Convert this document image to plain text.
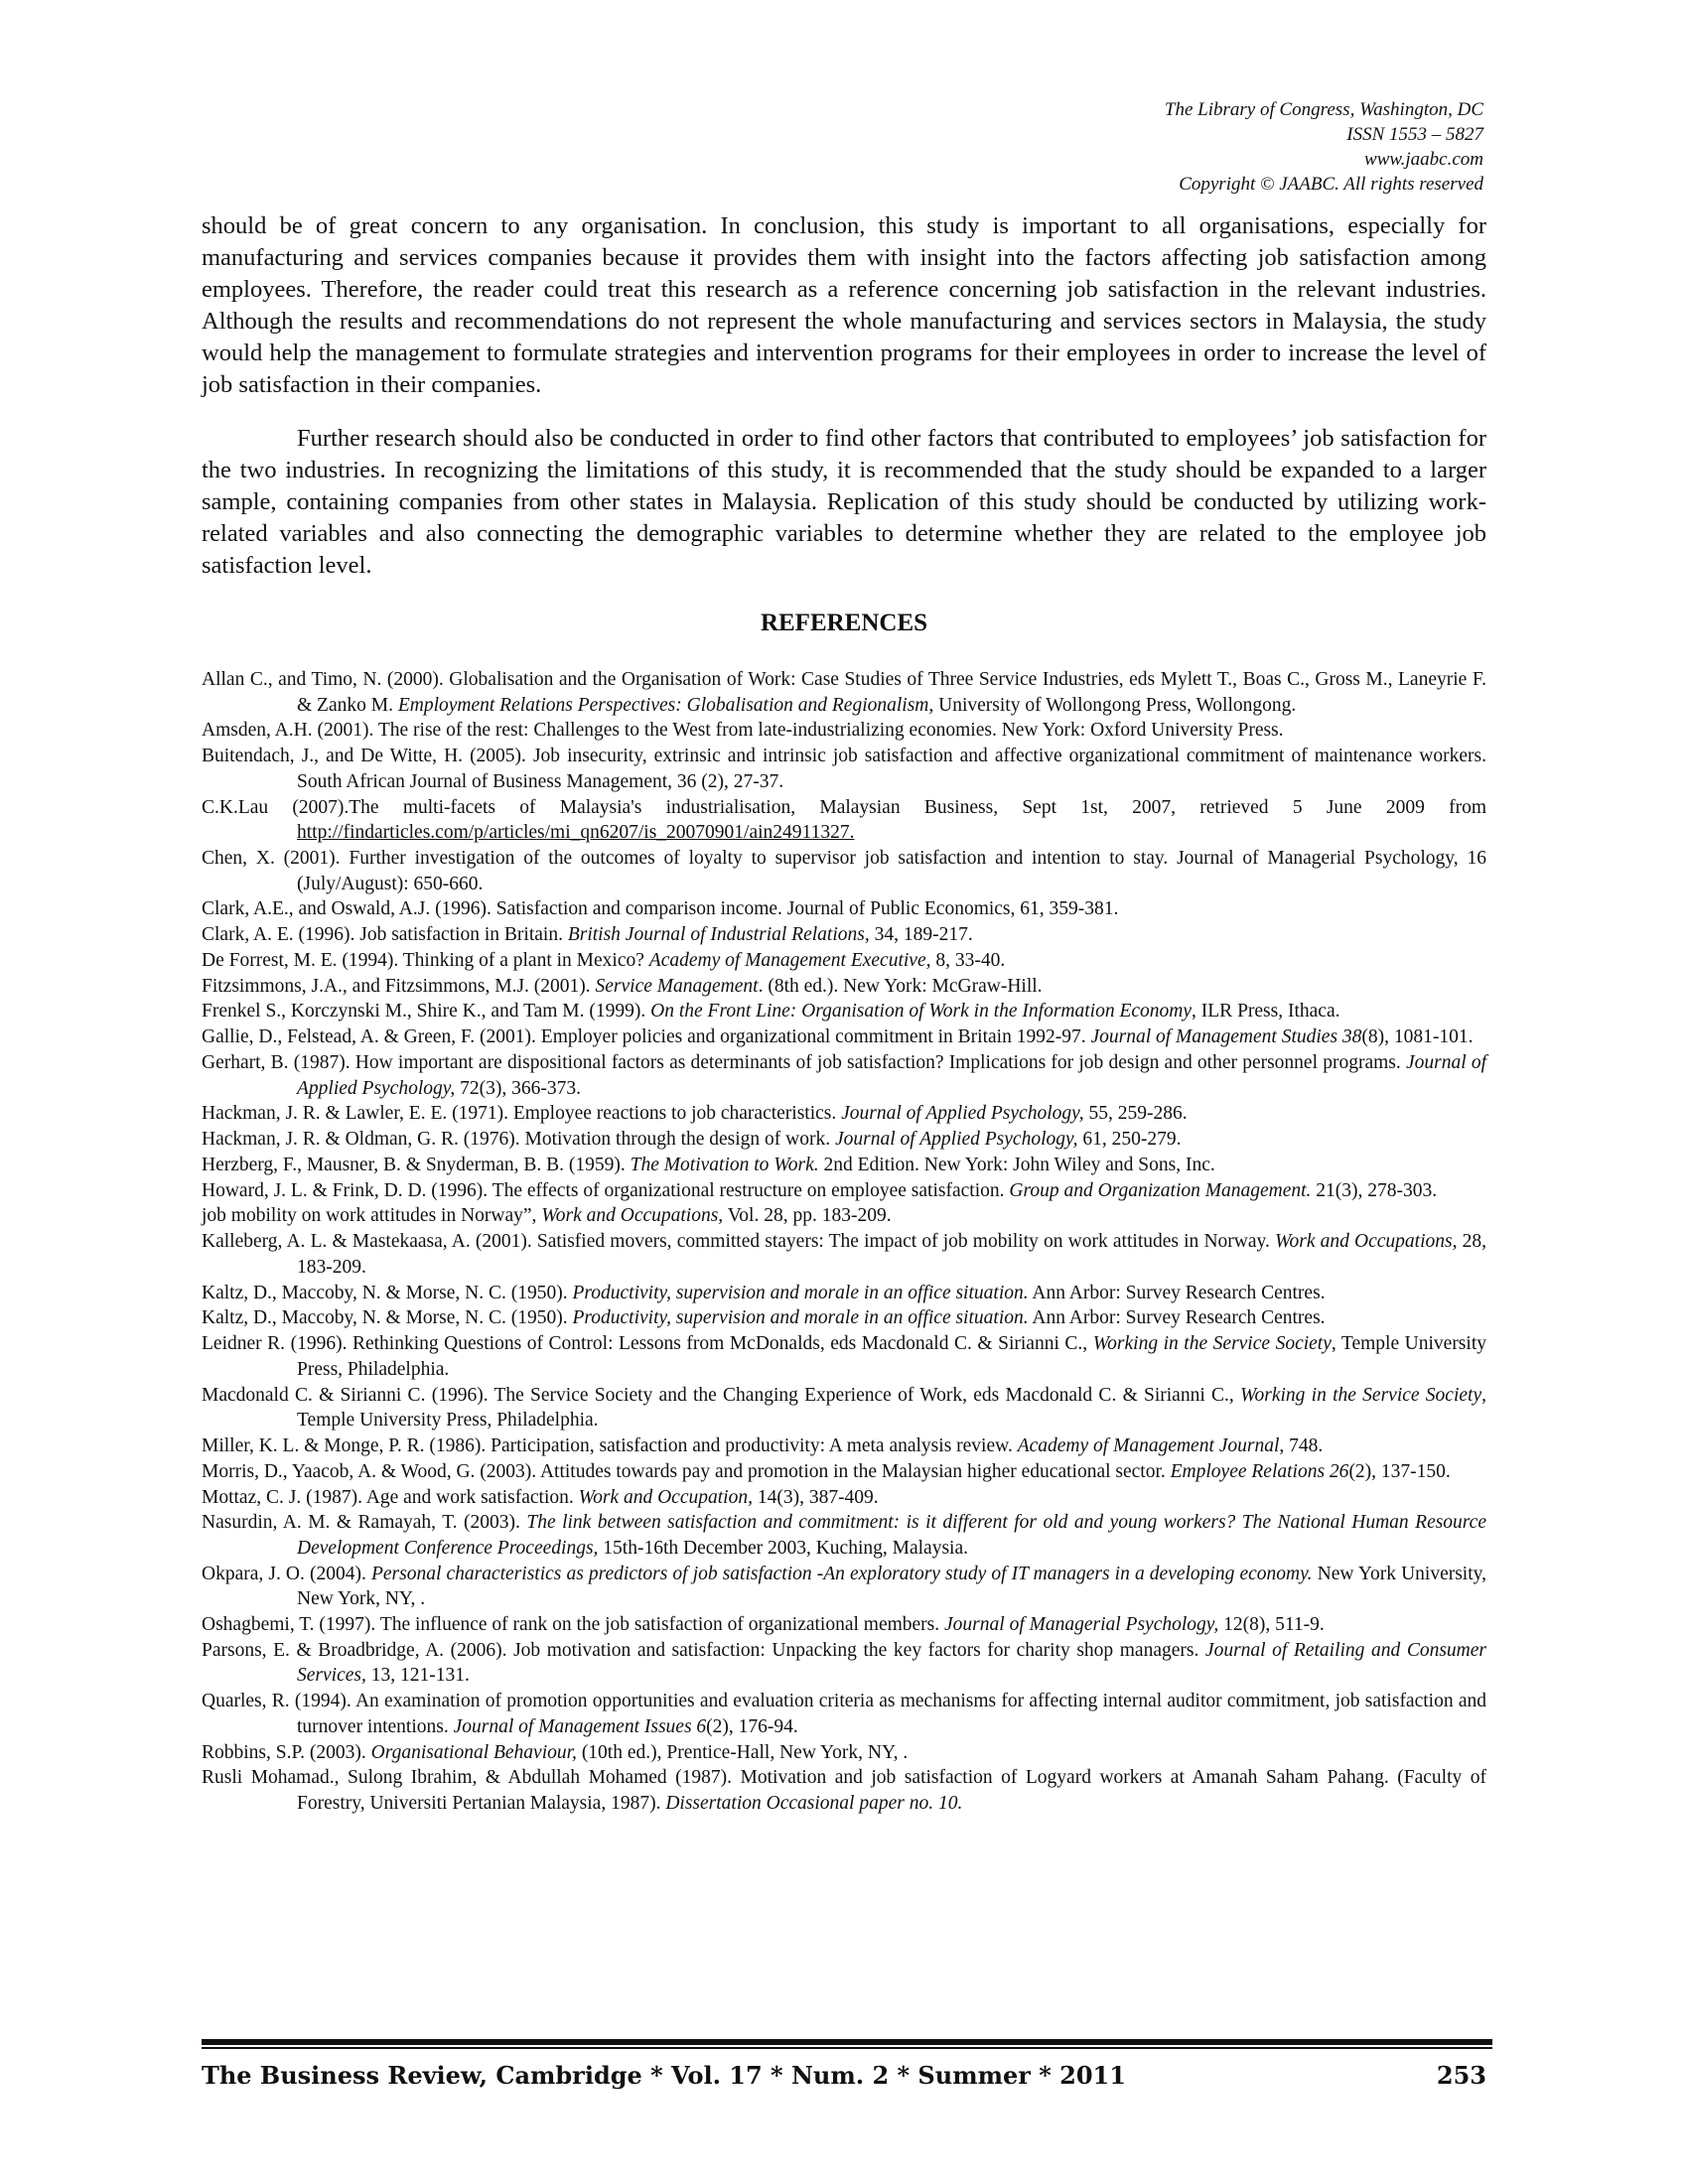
The Library of Congress, Washington, DC
ISSN 1553 – 5827
www.jaabc.com
Copyright © JAABC. All rights reserved

should be of great concern to any organisation. In conclusion, this study is important to all organisations, especially for manufacturing and services companies because it provides them with insight into the factors affecting job satisfaction among employees. Therefore, the reader could treat this research as a reference concerning job satisfaction in the relevant industries. Although the results and recommendations do not represent the whole manufacturing and services sectors in Malaysia, the study would help the management to formulate strategies and intervention programs for their employees in order to increase the level of job satisfaction in their companies.

Further research should also be conducted in order to find other factors that contributed to employees’ job satisfaction for the two industries. In recognizing the limitations of this study, it is recommended that the study should be expanded to a larger sample, containing companies from other states in Malaysia. Replication of this study should be conducted by utilizing work-related variables and also connecting the demographic variables to determine whether they are related to the employee job satisfaction level.

REFERENCES

Allan C., and Timo, N. (2000). Globalisation and the Organisation of Work: Case Studies of Three Service Industries, eds Mylett T., Boas C., Gross M., Laneyrie F. & Zanko M. Employment Relations Perspectives: Globalisation and Regionalism, University of Wollongong Press, Wollongong.

Amsden, A.H. (2001). The rise of the rest: Challenges to the West from late-industrializing economies. New York: Oxford University Press.

Buitendach, J., and De Witte, H. (2005). Job insecurity, extrinsic and intrinsic job satisfaction and affective organizational commitment of maintenance workers. South African Journal of Business Management, 36 (2), 27-37.

C.K.Lau (2007).The multi-facets of Malaysia's industrialisation, Malaysian Business, Sept 1st, 2007, retrieved 5 June 2009 from http://findarticles.com/p/articles/mi_qn6207/is_20070901/ain24911327.

Chen, X. (2001). Further investigation of the outcomes of loyalty to supervisor job satisfaction and intention to stay. Journal of Managerial Psychology, 16 (July/August): 650-660.

Clark, A.E., and Oswald, A.J. (1996). Satisfaction and comparison income. Journal of Public Economics, 61, 359-381.

Clark, A. E. (1996). Job satisfaction in Britain. British Journal of Industrial Relations, 34, 189-217.

De Forrest, M. E. (1994). Thinking of a plant in Mexico? Academy of Management Executive, 8, 33-40.

Fitzsimmons, J.A., and Fitzsimmons, M.J. (2001). Service Management. (8th ed.). New York: McGraw-Hill.

Frenkel S., Korczynski M., Shire K., and Tam M. (1999). On the Front Line: Organisation of Work in the Information Economy, ILR Press, Ithaca.

Gallie, D., Felstead, A. & Green, F. (2001). Employer policies and organizational commitment in Britain 1992-97. Journal of Management Studies 38(8), 1081-101.

Gerhart, B. (1987). How important are dispositional factors as determinants of job satisfaction? Implications for job design and other personnel programs. Journal of Applied Psychology, 72(3), 366-373.

Hackman, J. R. & Lawler, E. E. (1971). Employee reactions to job characteristics. Journal of Applied Psychology, 55, 259-286.

Hackman, J. R. & Oldman, G. R. (1976). Motivation through the design of work. Journal of Applied Psychology, 61, 250-279.

Herzberg, F., Mausner, B. & Snyderman, B. B. (1959). The Motivation to Work. 2nd Edition. New York: John Wiley and Sons, Inc.

Howard, J. L. & Frink, D. D. (1996). The effects of organizational restructure on employee satisfaction. Group and Organization Management. 21(3), 278-303.

job mobility on work attitudes in Norway”, Work and Occupations, Vol. 28, pp. 183-209.

Kalleberg, A. L. & Mastekaasa, A. (2001). Satisfied movers, committed stayers: The impact of job mobility on work attitudes in Norway. Work and Occupations, 28, 183-209.

Kaltz, D., Maccoby, N. & Morse, N. C. (1950). Productivity, supervision and morale in an office situation. Ann Arbor: Survey Research Centres.

Kaltz, D., Maccoby, N. & Morse, N. C. (1950). Productivity, supervision and morale in an office situation. Ann Arbor: Survey Research Centres.

Leidner R. (1996). Rethinking Questions of Control: Lessons from McDonalds, eds Macdonald C. & Sirianni C., Working in the Service Society, Temple University Press, Philadelphia.

Macdonald C. & Sirianni C. (1996). The Service Society and the Changing Experience of Work, eds Macdonald C. & Sirianni C., Working in the Service Society, Temple University Press, Philadelphia.

Miller, K. L. & Monge, P. R. (1986). Participation, satisfaction and productivity: A meta analysis review. Academy of Management Journal, 748.

Morris, D., Yaacob, A. & Wood, G. (2003). Attitudes towards pay and promotion in the Malaysian higher educational sector. Employee Relations 26(2), 137-150.

Mottaz, C. J. (1987). Age and work satisfaction. Work and Occupation, 14(3), 387-409.

Nasurdin, A. M. & Ramayah, T. (2003). The link between satisfaction and commitment: is it different for old and young workers? The National Human Resource Development Conference Proceedings, 15th-16th December 2003, Kuching, Malaysia.

Okpara, J. O. (2004). Personal characteristics as predictors of job satisfaction -An exploratory study of IT managers in a developing economy. New York University, New York, NY, .

Oshagbemi, T. (1997). The influence of rank on the job satisfaction of organizational members. Journal of Managerial Psychology, 12(8), 511-9.

Parsons, E. & Broadbridge, A. (2006). Job motivation and satisfaction: Unpacking the key factors for charity shop managers. Journal of Retailing and Consumer Services, 13, 121-131.

Quarles, R. (1994). An examination of promotion opportunities and evaluation criteria as mechanisms for affecting internal auditor commitment, job satisfaction and turnover intentions. Journal of Management Issues 6(2), 176-94.

Robbins, S.P. (2003). Organisational Behaviour, (10th ed.), Prentice-Hall, New York, NY, .

Rusli Mohamad., Sulong Ibrahim, & Abdullah Mohamed (1987). Motivation and job satisfaction of Logyard workers at Amanah Saham Pahang. (Faculty of Forestry, Universiti Pertanian Malaysia, 1987). Dissertation Occasional paper no. 10.

The Business Review, Cambridge * Vol. 17 * Num. 2 * Summer * 2011	253
